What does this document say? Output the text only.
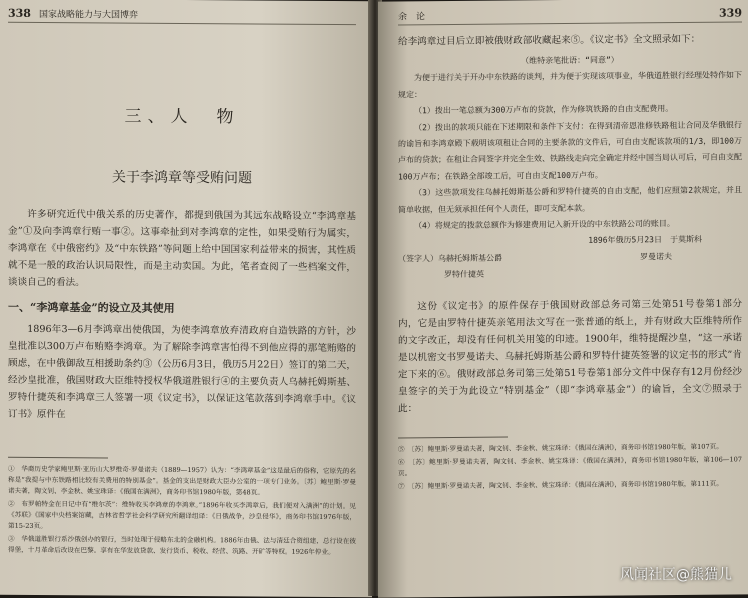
338 国家战略能力与大国博弈
三、人　物
关于李鸿章等受贿问题

许多研究近代中俄关系的历史著作，都提到俄国为其远东战略设立“李鸿章基金”①及向李鸿章行贿一事②。这事牵扯到对李鸿章的定性，如果受贿行为属实，李鸿章在《中俄密约》及“中东铁路”等问题上给中国国家利益带来的损害，其性质就不是一般的政治认识局限性，而是主动卖国。为此，笔者查阅了一些档案文件，谈谈自己的看法。

一、“李鸿章基金”的设立及其使用

1896年3—6月李鸿章出使俄国，为使李鸿章放弃清政府自造铁路的方针，沙皇批准以300万卢布贿赂李鸿章。为了解除李鸿章害怕得不到他应得的那笔贿赂的顾虑，在中俄御敌互相援助条约③（公历6月3日，俄历5月22日）签订的第二天，经沙皇批准，俄国财政大臣维特授权华俄道胜银行④的主要负责人乌赫托姆斯基、罗特什捷英和李鸿章三人签署一项《议定书》，以保证这笔款落到李鸿章手中。《议订书》原件在

①　华裔历史学家鲍里斯·亚历山大罗维奇·罗曼诺夫（1889—1957）认为：“李鸿章基金”这是最后的俗称，它原先的名称是“我提与中东铁路相比较有关费用的特别基金”。基金的支出是财政大臣办公室的一项专门业务。〔苏〕鲍里斯·罗曼诺夫著，陶文钊、李金秋、姚宝珠译：《俄国在满洲》，商务印书馆1980年版，第48页。

②　布罗帕特金在日记中有“维尔茨”：维特收买李鸿章的李鸿章。”1896年收买李鸿章后，我们便对入满洲”的计划。见《苏联》《国家中央档案馆藏，吉林省哲学社会科学研究所翻译组译：《日俄战争，沙皇侵华》，商务印书馆1976年版，第15-23页。

③　华俄道胜银行系沙俄创办的银行，当时处理于侵略东北的金融机构。1886年由俄、法与清廷合资组建，总行设在彼得堡，十月革命后改设在巴黎。享有在华发放贷款、发行货币、税收、经营、筑路、开矿等特权。1926年停业。

余　论	339

给李鸿章过目后立即被俄财政部收藏起来⑤。《议定书》全文照录如下：

（维特亲笔批语：“同意”）

为便于进行关于开办中东铁路的谈判，并为便于实现该项事业，华俄道胜银行经理处特作如下规定：

（1）拨出一笔总额为300万卢布的贷款，作为修筑铁路的自由支配费用。

（2）拨出的款项只能在下述期限和条件下支付：在得到清帝恩准修铁路租让合同及华俄银行的谕旨和李鸿章殿下载明该项租让合同的主要条款的文件后，可自由支配该款项的1/3，即100万卢布的贷款；在租让合同签字并完全生效、铁路线走向完全确定并经中国当局认可后，可自由支配100万卢布；在铁路全部竣工后，可自由支配100万卢布。

（3）这些款项发往乌赫托姆斯基公爵和罗特什捷英的自由支配，他们应照第2款规定，并且简单收据，但无须承担任何个人责任，即可支配本款。

（4）将规定的拨款总额作为修建费用记入新开设的中东铁路公司的账目。

1896年俄历5月23日　于莫斯科

（签字人）乌赫托姆斯基公爵	罗曼诺夫
罗特什捷英

这份《议定书》的原件保存于俄国财政部总务司第三处第51号卷第1部分内，它是由罗特什捷英亲笔用法文写在一张普通的纸上，并有财政大臣维特所作的文字改正，却没有任何机关用笺的印迹。1900年，维特提醒沙皇，“这一承诺是以机密文书罗曼诺夫、乌赫托姆斯基公爵和罗特什捷英签署的议定书的形式”肯定下来的⑥。俄财政部总务司第三处第51号卷第1部分文件中保存有12月份经沙皇签字的关于为此设立“特别基金”（即“李鸿章基金”）的谕旨，全文⑦照录于此：

⑤　〔苏〕鲍里斯·罗曼诺夫著，陶文钊、李金秋、姚宝珠译：《俄国在满洲》，商务印书馆1980年版，第107页。

⑥　〔苏〕鲍里斯·罗曼诺夫著，陶文钊、李金秋、姚宝珠译：《俄国在满洲》，商务印书馆1980年版，第106—107页。

⑦　〔苏〕鲍里斯·罗曼诺夫著，陶文钊、李金秋、姚宝珠译：《俄国在满洲》，商务印书馆1980年版，第111页。

风闻社区@熊猫儿
